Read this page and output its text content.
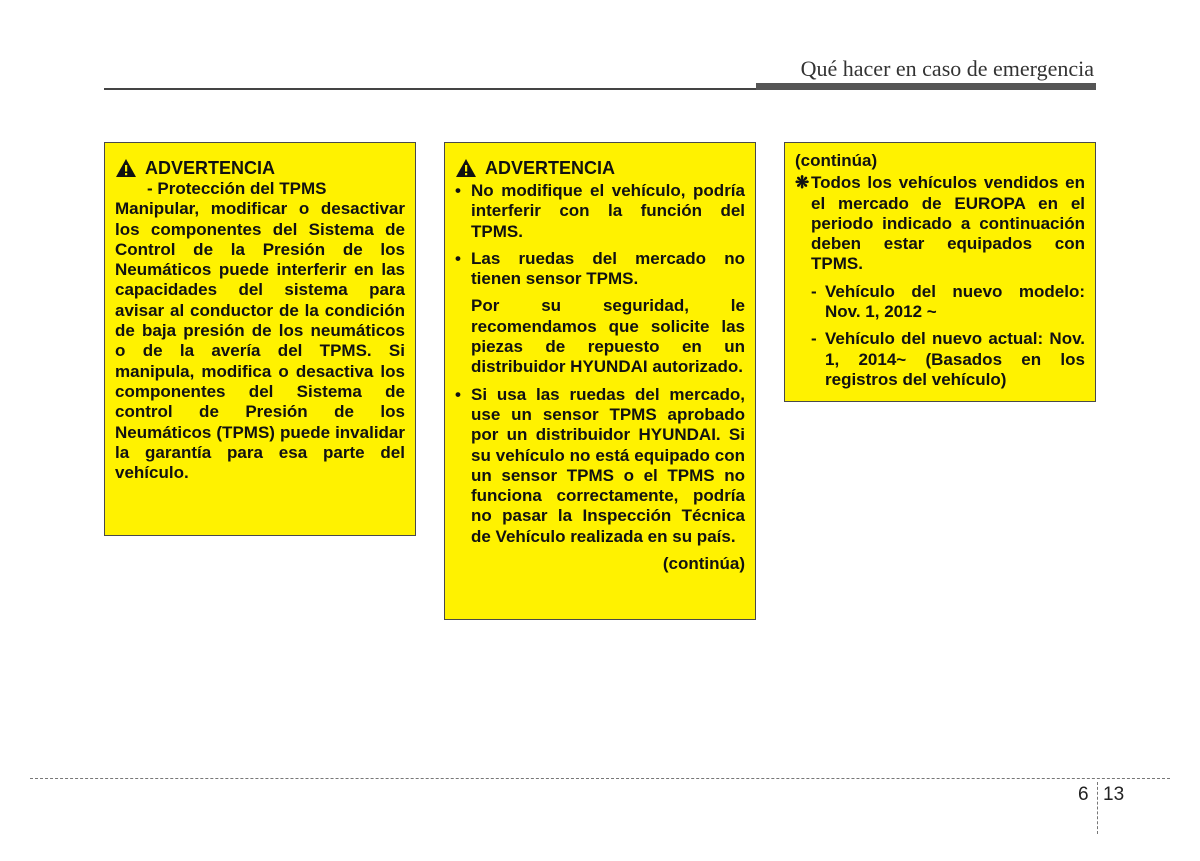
Qué hacer en caso de emergencia
ADVERTENCIA
- Protección del TPMS
Manipular, modificar o desactivar los componentes del Sistema de Control de la Presión de los Neumáticos puede interferir en las capacidades del sistema para avisar al conductor de la condición de baja presión de los neumáticos o de la avería del TPMS. Si manipula, modifica o desactiva los componentes del Sistema de control de Presión de los Neumáticos (TPMS) puede invalidar la garantía para esa parte del vehículo.
ADVERTENCIA
• No modifique el vehículo, podría interferir con la función del TPMS.
• Las ruedas del mercado no tienen sensor TPMS.
Por su seguridad, le recomendamos que solicite las piezas de repuesto en un distribuidor HYUNDAI autorizado.
• Si usa las ruedas del mercado, use un sensor TPMS aprobado por un distribuidor HYUNDAI. Si su vehículo no está equipado con un sensor TPMS o el TPMS no funciona correctamente, podría no pasar la Inspección Técnica de Vehículo realizada en su país.
(continúa)
(continúa)
❋ Todos los vehículos vendidos en el mercado de EUROPA en el periodo indicado a continuación deben estar equipados con TPMS.
- Vehículo del nuevo modelo: Nov. 1, 2012 ~
- Vehículo del nuevo actual: Nov. 1, 2014~ (Basados en los registros del vehículo)
6 13
